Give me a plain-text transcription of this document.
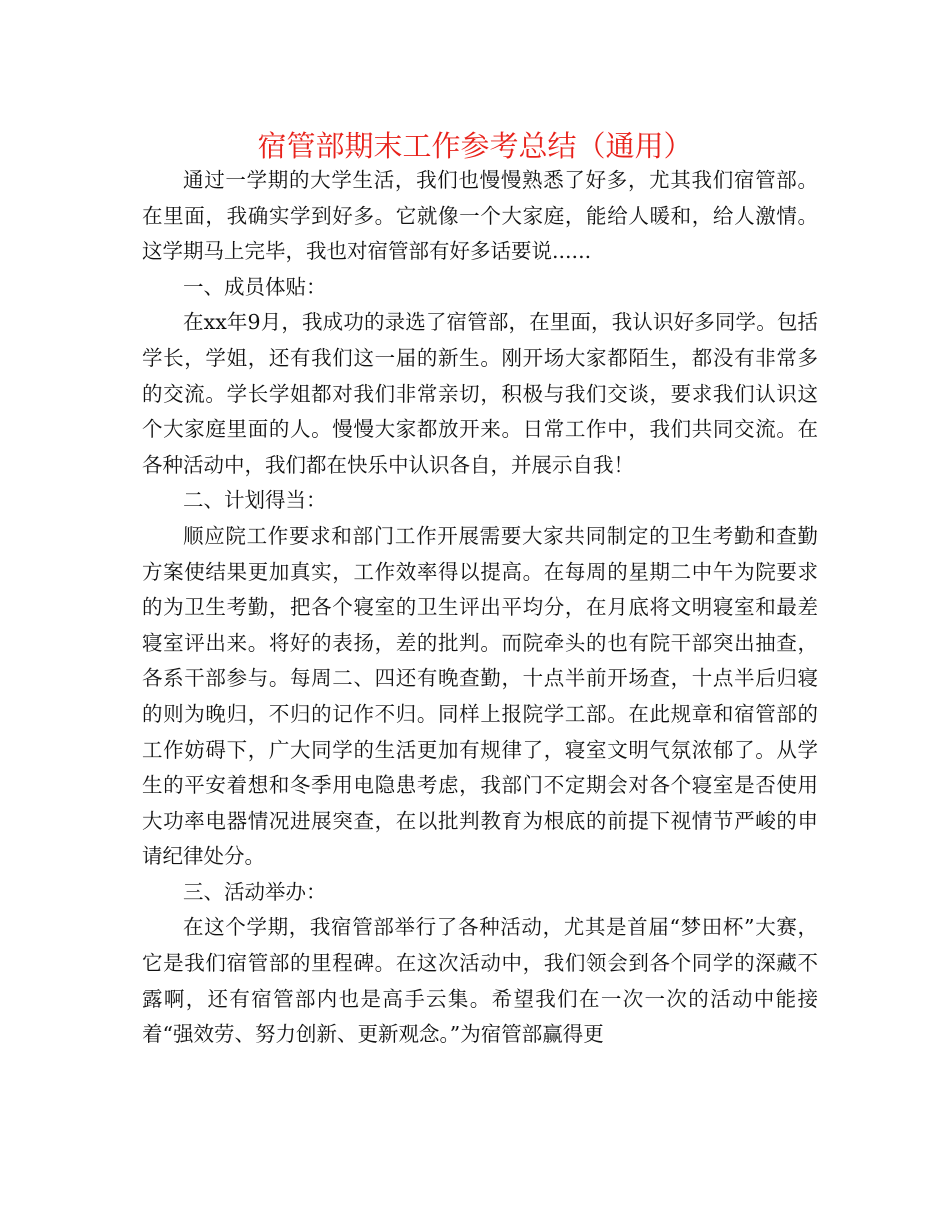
宿管部期末工作参考总结（通用）

通过一学期的大学生活，我们也慢慢熟悉了好多，尤其我们宿管部。在里面，我确实学到好多。它就像一个大家庭，能给人暖和，给人激情。这学期马上完毕，我也对宿管部有好多话要说......

一、成员体贴：

在xx年9月，我成功的录选了宿管部，在里面，我认识好多同学。包括学长，学姐，还有我们这一届的新生。刚开场大家都陌生，都没有非常多的交流。学长学姐都对我们非常亲切，积极与我们交谈，要求我们认识这个大家庭里面的人。慢慢大家都放开来。日常工作中，我们共同交流。在各种活动中，我们都在快乐中认识各自，并展示自我！

二、计划得当：

顺应院工作要求和部门工作开展需要大家共同制定的卫生考勤和查勤方案使结果更加真实，工作效率得以提高。在每周的星期二中午为院要求的为卫生考勤，把各个寝室的卫生评出平均分，在月底将文明寝室和最差寝室评出来。将好的表扬，差的批判。而院牵头的也有院干部突出抽查，各系干部参与。每周二、四还有晚查勤，十点半前开场查，十点半后归寝的则为晚归，不归的记作不归。同样上报院学工部。在此规章和宿管部的工作妨碍下，广大同学的生活更加有规律了，寝室文明气氛浓郁了。从学生的平安着想和冬季用电隐患考虑，我部门不定期会对各个寝室是否使用大功率电器情况进展突查，在以批判教育为根底的前提下视情节严峻的申请纪律处分。

三、活动举办：

在这个学期，我宿管部举行了各种活动，尤其是首届“梦田杯”大赛，它是我们宿管部的里程碑。在这次活动中，我们领会到各个同学的深藏不露啊，还有宿管部内也是高手云集。希望我们在一次一次的活动中能接着“强效劳、努力创新、更新观念。”为宿管部赢得更
